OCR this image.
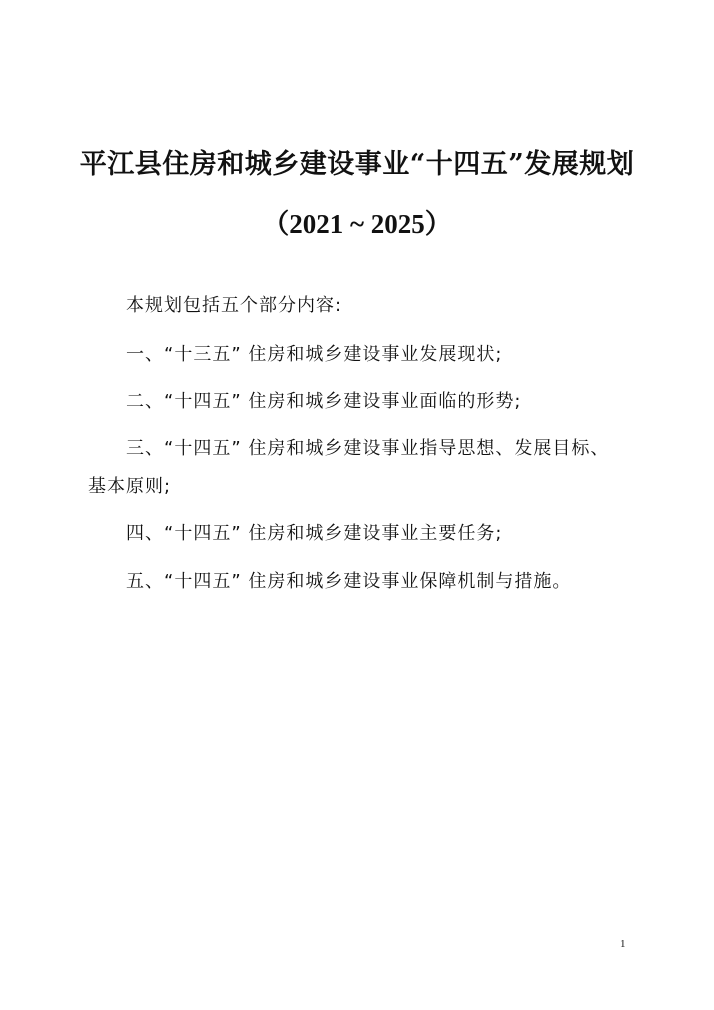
平江县住房和城乡建设事业“十四五”发展规划
（2021 ~ 2025）
本规划包括五个部分内容:
一、“十三五” 住房和城乡建设事业发展现状;
二、“十四五” 住房和城乡建设事业面临的形势;
三、“十四五” 住房和城乡建设事业指导思想、发展目标、
基本原则;
四、“十四五” 住房和城乡建设事业主要任务;
五、“十四五” 住房和城乡建设事业保障机制与措施。
1
